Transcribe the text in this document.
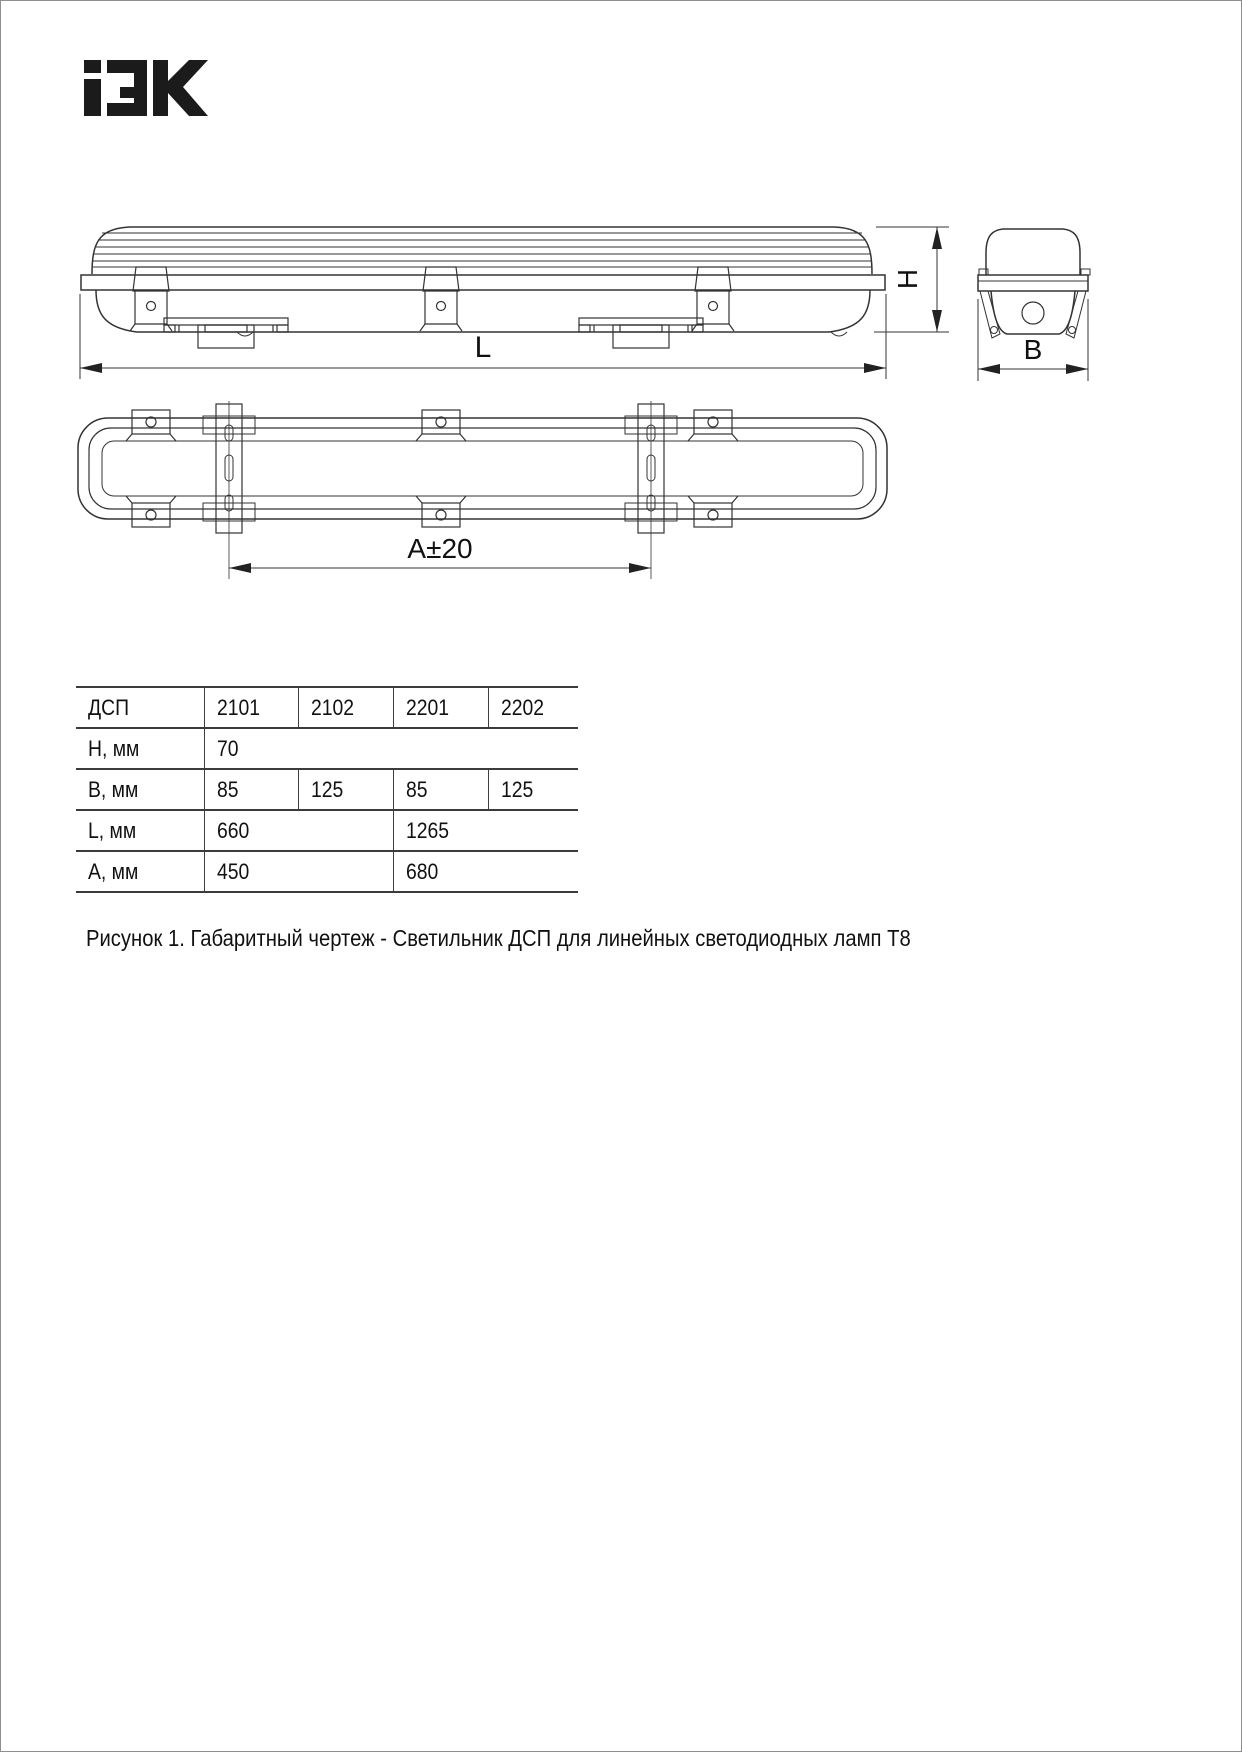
H
B
L
A±20
ДСП	2101	2102	2201	2202
H, мм	70			
B, мм	85	125	85	125
L, мм	660		1265	
A, мм	450		680	

Рисунок 1. Габаритный чертеж - Светильник ДСП для линейных светодиодных ламп Т8
